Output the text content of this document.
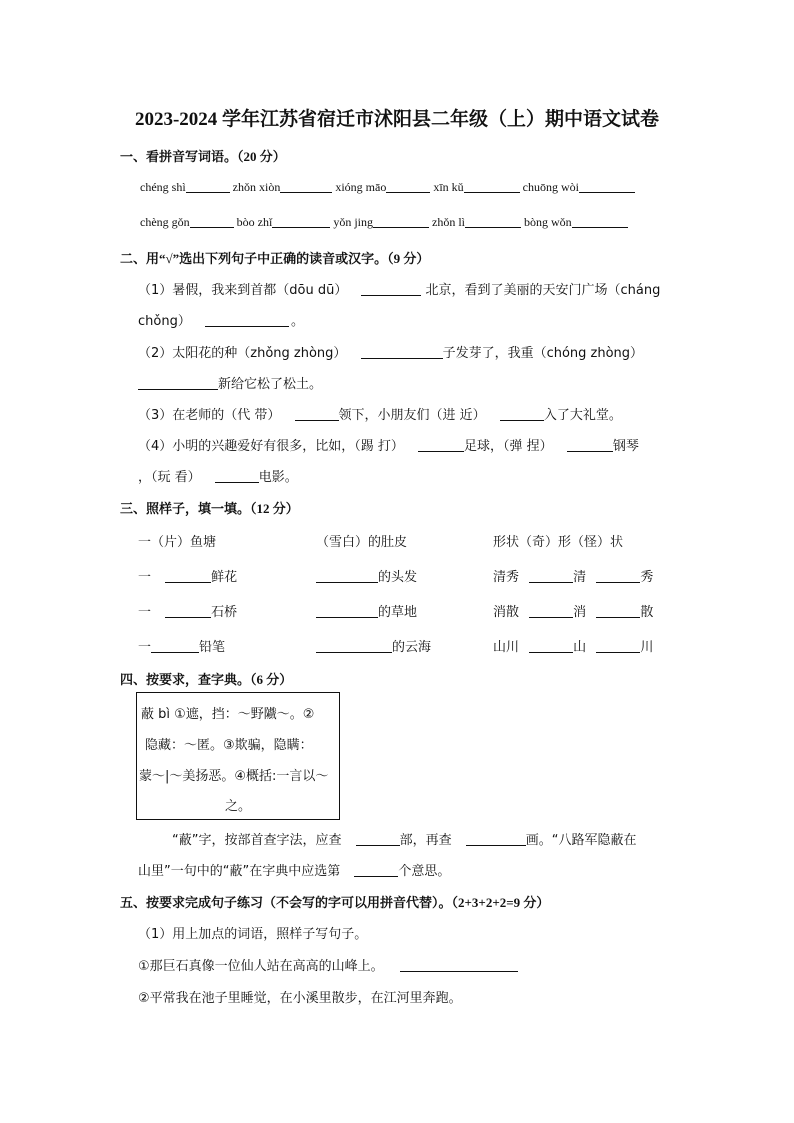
2023-2024 学年江苏省宿迁市沭阳县二年级（上）期中语文试卷
一、看拼音写词语。（20 分）
chéng shì	zhǒn xiòn	xióng māo	xīn kǔ	chuōng wòi
chèng gǒn	bòo zhǐ	yǒn jing	zhǒn lì	bòng wǒn
二、用“√”选出下列句子中正确的读音或汉字。（9 分）
（1）暑假，我来到首都（dōu dū）	北京，看到了美丽的天安门广场（cháng
chǒng）	。
（2）太阳花的种（zhǒng zhòng）	子发芽了，我重（chóng zhòng）
新给它松了松土。
（3）在老师的（代 带）	领下，小朋友们（进 近）	入了大礼堂。
（4）小明的兴趣爱好有很多，比如，（踢 打）	足球，（弹 捏）	钢琴
，（玩 看）	电影。
三、照样子，填一填。（12 分）
一（片）鱼塘	（雪白）的肚皮	形状（奇）形（怪）状
一	鲜花	的头发	清秀	清	秀
一	石桥	的草地	消散	消	散
一	铅笔	的云海	山川	山	川
四、按要求，查字典。（6 分）
蔽 bì ①遮，挡：～野隵～。②
隐藏：～匿。③欺骗，隐瞒：
蒙～|～美扬恶。④概括:一言以～
之。
“蔽”字，按部首查字法，应查	部，再查	画。“八路军隐蔽在
山里”一句中的“蔽”在字典中应选第	个意思。
五、按要求完成句子练习（不会写的字可以用拼音代替）。（2+3+2+2=9 分）
（1）用上加点的词语，照样子写句子。
①那巨石真像一位仙人站在高高的山峰上。
②平常我在池子里睡觉，在小溪里散步，在江河里奔跑。
